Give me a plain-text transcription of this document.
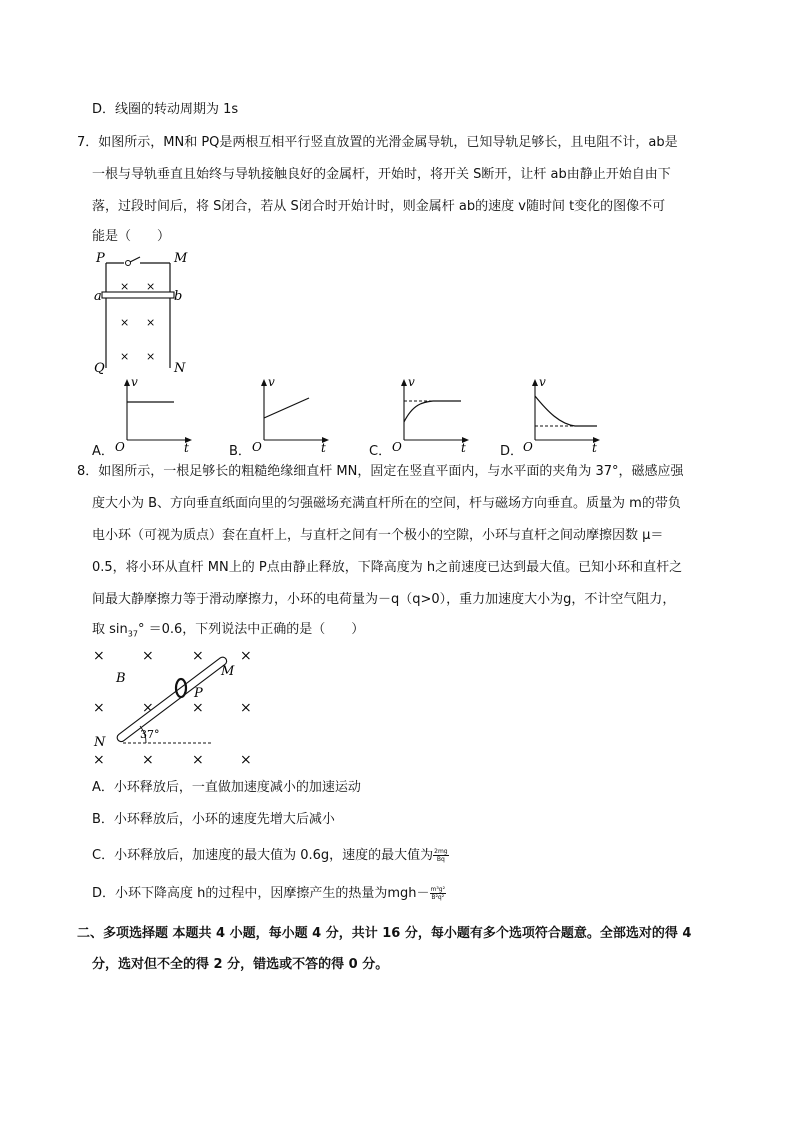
D．线圈的转动周期为 1s
7．如图所示，MN和 PQ是两根互相平行竖直放置的光滑金属导轨，已知导轨足够长，且电阻不计，ab是
一根与导轨垂直且始终与导轨接触良好的金属杆，开始时，将开关 S断开，让杆 ab由静止开始自由下
落，过段时间后，将 S闭合，若从 S闭合时开始计时，则金属杆 ab的速度 v随时间 t变化的图像不可
能是（　　）
P	M
a	b
× ×
× ×
× ×
Q	N
A．
v
t
O	B．
v
t
O	C．
v
t
O	D．
v
t
O
8．如图所示，一根足够长的粗糙绝缘细直杆 MN，固定在竖直平面内，与水平面的夹角为 37°，磁感应强
度大小为 B、方向垂直纸面向里的匀强磁场充满直杆所在的空间，杆与磁场方向垂直。质量为 m的带负
电小环（可视为质点）套在直杆上，与直杆之间有一个极小的空隙，小环与直杆之间动摩擦因数 μ＝
0.5，将小环从直杆 MN上的 P点由静止释放，下降高度为 h之前速度已达到最大值。已知小环和直杆之
间最大静摩擦力等于滑动摩擦力，小环的电荷量为－q（q>0），重力加速度大小为g，不计空气阻力，
取 $\sin_{37}^\circ =0.6$，下列说法中正确的是（　　）
×	×	×	×
B
×	×	×	×
×	×	×	×
P
M
N
37°
A．小环释放后，一直做加速度减小的加速运动
B．小环释放后，小环的速度先增大后减小
C．小环释放后，加速度的最大值为 0.6g，速度的最大值为 $\frac{2mg}{Bq}$
D．小环下降高度 h的过程中，因摩擦产生的热量为$mgh- \frac{\text{m³g²}}{\text{B²q²}}$
二、多项选择题 本题共 4 小题，每小题 4 分，共计 16 分，每小题有多个选项符合题意。全部选对的得 4
分，选对但不全的得 2 分，错选或不答的得 0 分。
